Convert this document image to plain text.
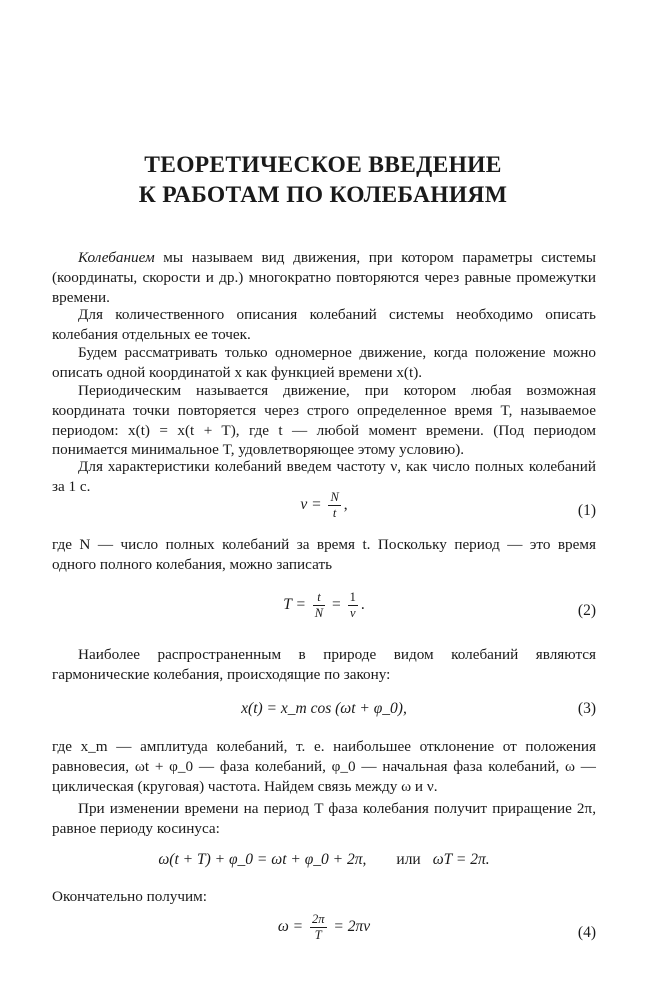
ТЕОРЕТИЧЕСКОЕ ВВЕДЕНИЕ
К РАБОТАМ ПО КОЛЕБАНИЯМ
Колебанием мы называем вид движения, при котором параметры системы (координаты, скорости и др.) многократно повторяются через равные промежутки времени.
Для количественного описания колебаний системы необходимо описать колебания отдельных ее точек.
Будем рассматривать только одномерное движение, когда положение можно описать одной координатой x как функцией времени x(t).
Периодическим называется движение, при котором любая возможная координата точки повторяется через строго определенное время T, называемое периодом: x(t) = x(t + T), где t — любой момент времени. (Под периодом понимается минимальное T, удовлетворяющее этому условию).
Для характеристики колебаний введем частоту ν, как число полных колебаний за 1 с.
$\nu = \frac{N}{t}$ ,	(1)
где N — число полных колебаний за время t. Поскольку период — это время одного полного колебания, можно записать
$T = \frac{t}{N} = \frac{1}{\nu}$ .	(2)
Наиболее распространенным в природе видом колебаний являются гармонические колебания, происходящие по закону:
x(t) = x_m cos (ωt + φ_0),	(3)
где x_m — амплитуда колебаний, т. е. наибольшее отклонение от положения равновесия, ωt + φ_0 — фаза колебаний, φ_0 — начальная фаза колебаний, ω — циклическая (круговая) частота. Найдем связь между ω и ν.
При изменении времени на период T фаза колебания получит приращение 2π, равное периоду косинуса:
ω(t + T) + φ_0 = ωt + φ_0 + 2π, или ωT = 2π.
Окончательно получим:
$\omega = \frac{2\pi}{T} = 2\pi\nu$	(4)
